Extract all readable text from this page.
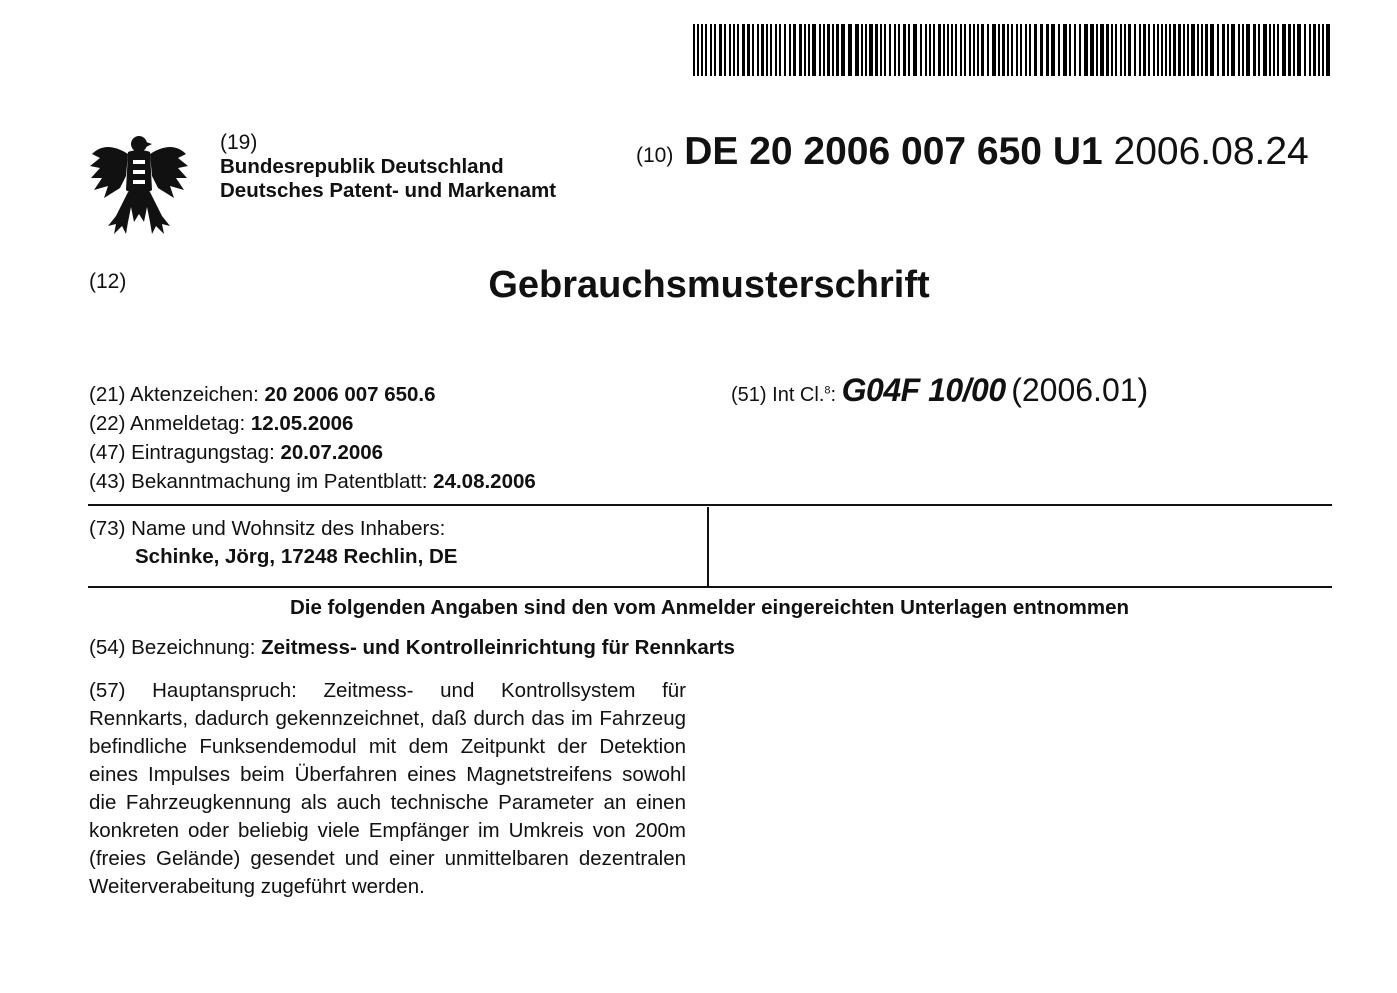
(19)
Bundesrepublik Deutschland
Deutsches Patent- und Markenamt
$^{(10)}$ DE 20 2006 007 650 U1 2006.08.24
(12)	Gebrauchsmusterschrift
(21) Aktenzeichen: 20 2006 007 650.6
(22) Anmeldetag: 12.05.2006
(47) Eintragungstag: 20.07.2006
(43) Bekanntmachung im Patentblatt: 24.08.2006
(51) Int Cl.$^8$: G04F 10/00 (2006.01)
(73) Name und Wohnsitz des Inhabers:
Schinke, Jörg, 17248 Rechlin, DE
Die folgenden Angaben sind den vom Anmelder eingereichten Unterlagen entnommen
(54) Bezeichnung: Zeitmess- und Kontrolleinrichtung für Rennkarts
(57) Hauptanspruch: Zeitmess- und Kontrollsystem für Rennkarts, dadurch gekennzeichnet, daß durch das im Fahrzeug befindliche Funksendemodul mit dem Zeitpunkt der Detektion eines Impulses beim Überfahren eines Magnetstreifens sowohl die Fahrzeugkennung als auch technische Parameter an einen konkreten oder beliebig viele Empfänger im Umkreis von 200m (freies Gelände) gesendet und einer unmittelbaren dezentralen Weiterverabeitung zugeführt werden.
